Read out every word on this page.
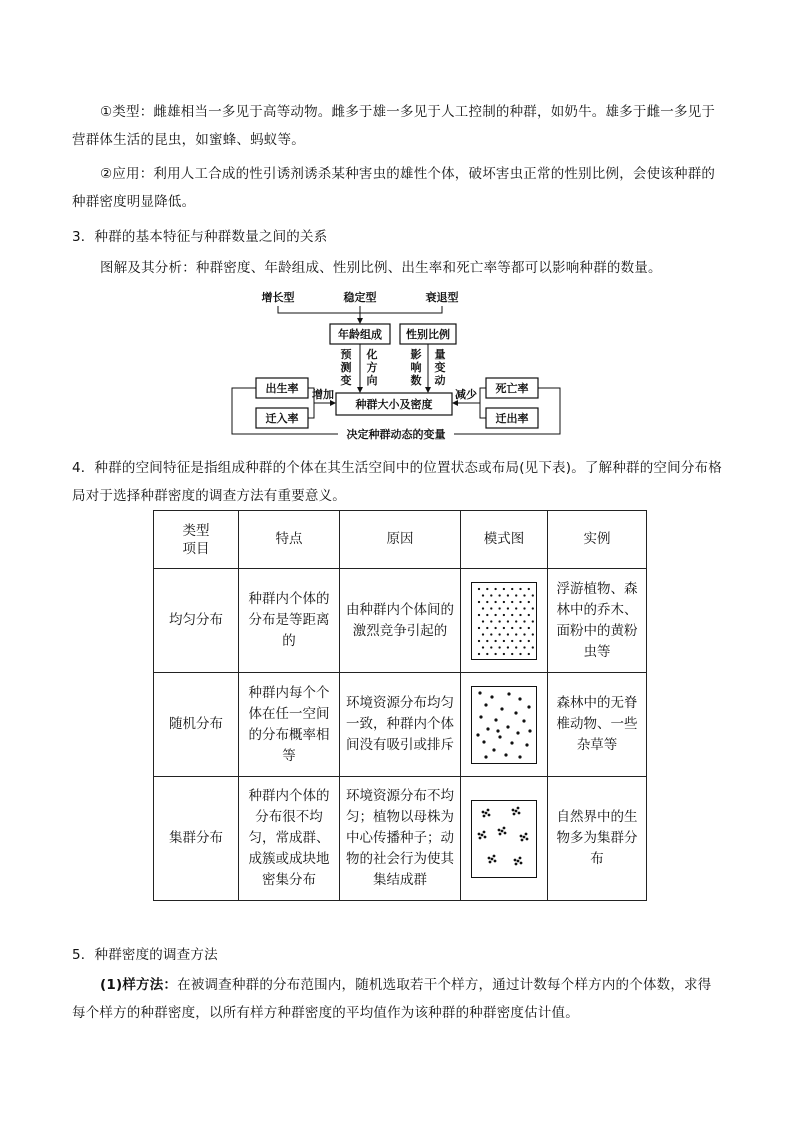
①类型：雌雄相当一多见于高等动物。雌多于雄一多见于人工控制的种群，如奶牛。雄多于雌一多见于营群体生活的昆虫，如蜜蜂、蚂蚁等。
②应用：利用人工合成的性引诱剂诱杀某种害虫的雄性个体，破坏害虫正常的性别比例，会使该种群的种群密度明显降低。
3．种群的基本特征与种群数量之间的关系
图解及其分析：种群密度、年龄组成、性别比例、出生率和死亡率等都可以影响种群的数量。
增长型	稳定型	衰退型
年龄组成 性别比例
预
测
变
化
方
向
影
响
数
量
变
动
出生率
迁入率
增加
种群大小及密度
死亡率
迁出率
减少
决定种群动态的变量
4．种群的空间特征是指组成种群的个体在其生活空间中的位置状态或布局(见下表)。了解种群的空间分布格局对于选择种群密度的调查方法有重要意义。
类型
项目	特点	原因	模式图	实例
均匀分布	种群内个体的分布是等距离的	由种群内个体间的激烈竞争引起的		浮游植物、森林中的乔木、面粉中的黄粉虫等
随机分布	种群内每个个体在任一空间的分布概率相等	环境资源分布均匀一致，种群内个体间没有吸引或排斥		森林中的无脊椎动物、一些杂草等
集群分布	种群内个体的分布很不均匀，常成群、成簇或成块地密集分布	环境资源分布不均匀；植物以母株为中心传播种子；动物的社会行为使其集结成群		自然界中的生物多为集群分布
5．种群密度的调查方法
(1)样方法：在被调查种群的分布范围内，随机选取若干个样方，通过计数每个样方内的个体数，求得每个样方的种群密度，以所有样方种群密度的平均值作为该种群的种群密度估计值。
